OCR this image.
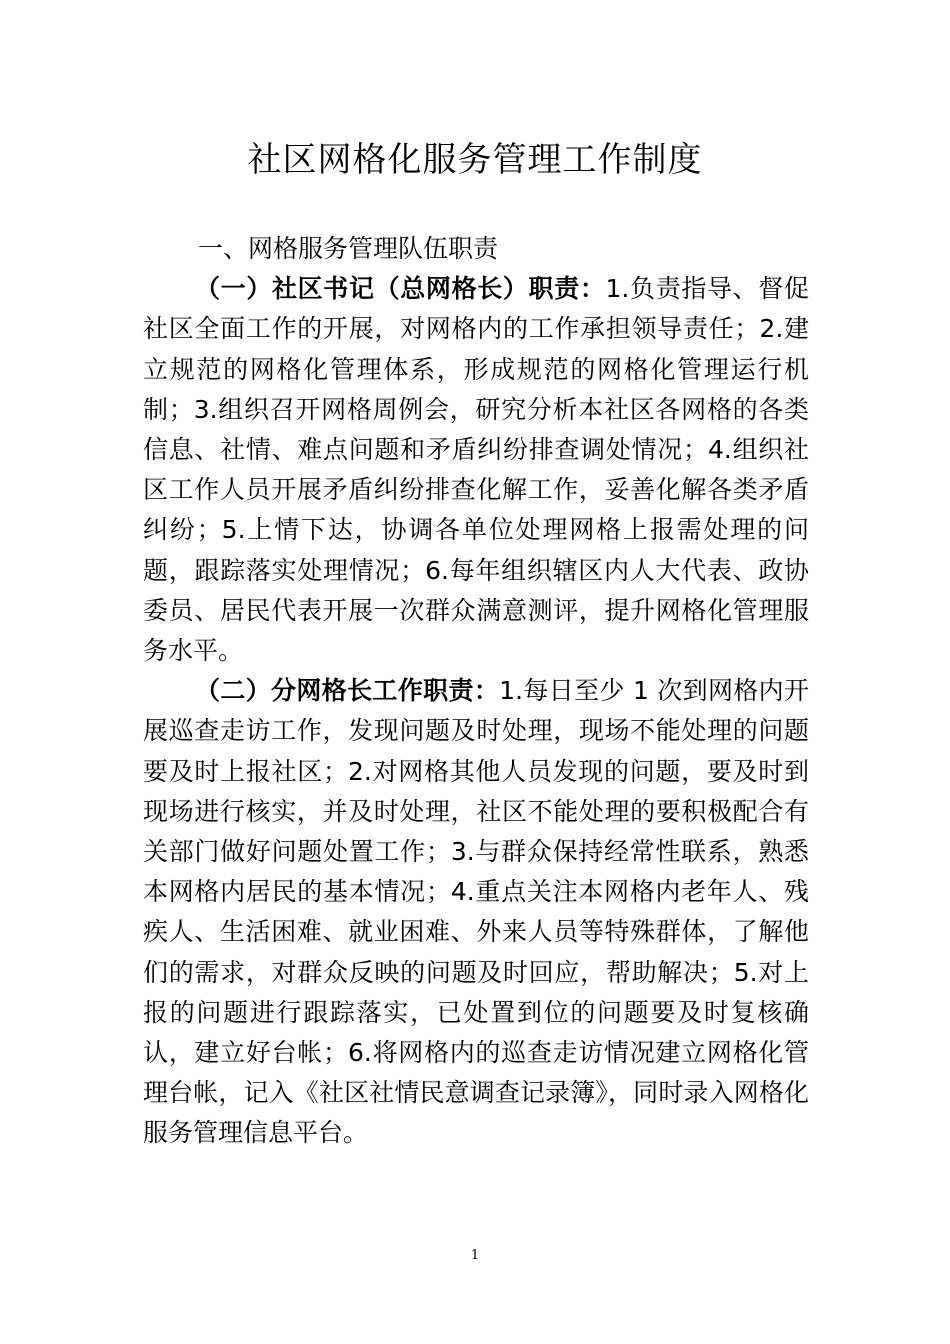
社区网格化服务管理工作制度

一、网格服务管理队伍职责

（一）社区书记（总网格长）职责：1.负责指导、督促社区全面工作的开展，对网格内的工作承担领导责任；2.建立规范的网格化管理体系，形成规范的网格化管理运行机制；3.组织召开网格周例会，研究分析本社区各网格的各类信息、社情、难点问题和矛盾纠纷排查调处情况；4.组织社区工作人员开展矛盾纠纷排查化解工作，妥善化解各类矛盾纠纷；5.上情下达，协调各单位处理网格上报需处理的问题，跟踪落实处理情况；6.每年组织辖区内人大代表、政协委员、居民代表开展一次群众满意测评，提升网格化管理服务水平。

（二）分网格长工作职责：1.每日至少 1 次到网格内开展巡查走访工作，发现问题及时处理，现场不能处理的问题要及时上报社区；2.对网格其他人员发现的问题，要及时到现场进行核实，并及时处理，社区不能处理的要积极配合有关部门做好问题处置工作；3.与群众保持经常性联系，熟悉本网格内居民的基本情况；4.重点关注本网格内老年人、残疾人、生活困难、就业困难、外来人员等特殊群体，了解他们的需求，对群众反映的问题及时回应，帮助解决；5.对上报的问题进行跟踪落实，已处置到位的问题要及时复核确认，建立好台帐；6.将网格内的巡查走访情况建立网格化管理台帐，记入《社区社情民意调查记录簿》，同时录入网格化服务管理信息平台。

1
